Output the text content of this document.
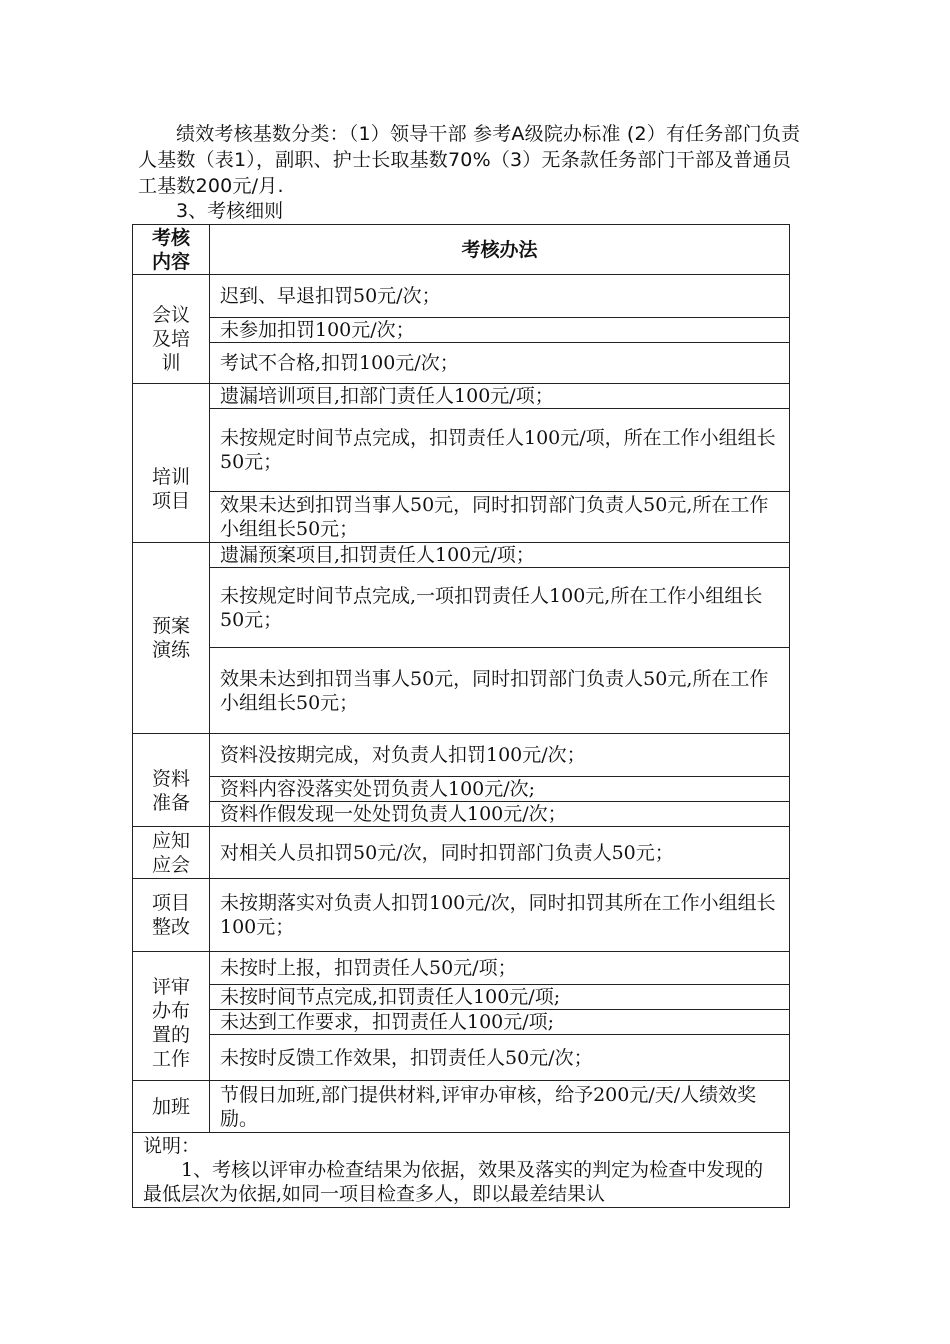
绩效考核基数分类：（1）领导干部 参考A级院办标准 (2）有任务部门负责人基数（表1），副职、护士长取基数70%（3）无条款任务部门干部及普通员工基数200元/月.

3、考核细则
考核内容	考核办法
会议及培训	迟到、早退扣罚50元/次；
	未参加扣罚100元/次；
	考试不合格,扣罚100元/次；
培训项目	遗漏培训项目,扣部门责任人100元/项；
	未按规定时间节点完成，扣罚责任人100元/项，所在工作小组组长50元；
	效果未达到扣罚当事人50元，同时扣罚部门负责人50元,所在工作小组组长50元；
预案演练	遗漏预案项目,扣罚责任人100元/项；
	未按规定时间节点完成,一项扣罚责任人100元,所在工作小组组长50元；
	效果未达到扣罚当事人50元，同时扣罚部门负责人50元,所在工作小组组长50元；
资料准备	资料没按期完成，对负责人扣罚100元/次；
	资料内容没落实处罚负责人100元/次;
	资料作假发现一处处罚负责人100元/次；
应知应会	对相关人员扣罚50元/次，同时扣罚部门负责人50元；
项目整改	未按期落实对负责人扣罚100元/次，同时扣罚其所在工作小组组长100元；
评审办布置的工作	未按时上报，扣罚责任人50元/项；
	未按时间节点完成,扣罚责任人100元/项;
	未达到工作要求，扣罚责任人100元/项;
	未按时反馈工作效果，扣罚责任人50元/次；
加班	节假日加班,部门提供材料,评审办审核，给予200元/天/人绩效奖励。

说明：

1、考核以评审办检查结果为依据，效果及落实的判定为检查中发现的最低层次为依据,如同一项目检查多人，即以最差结果认	
